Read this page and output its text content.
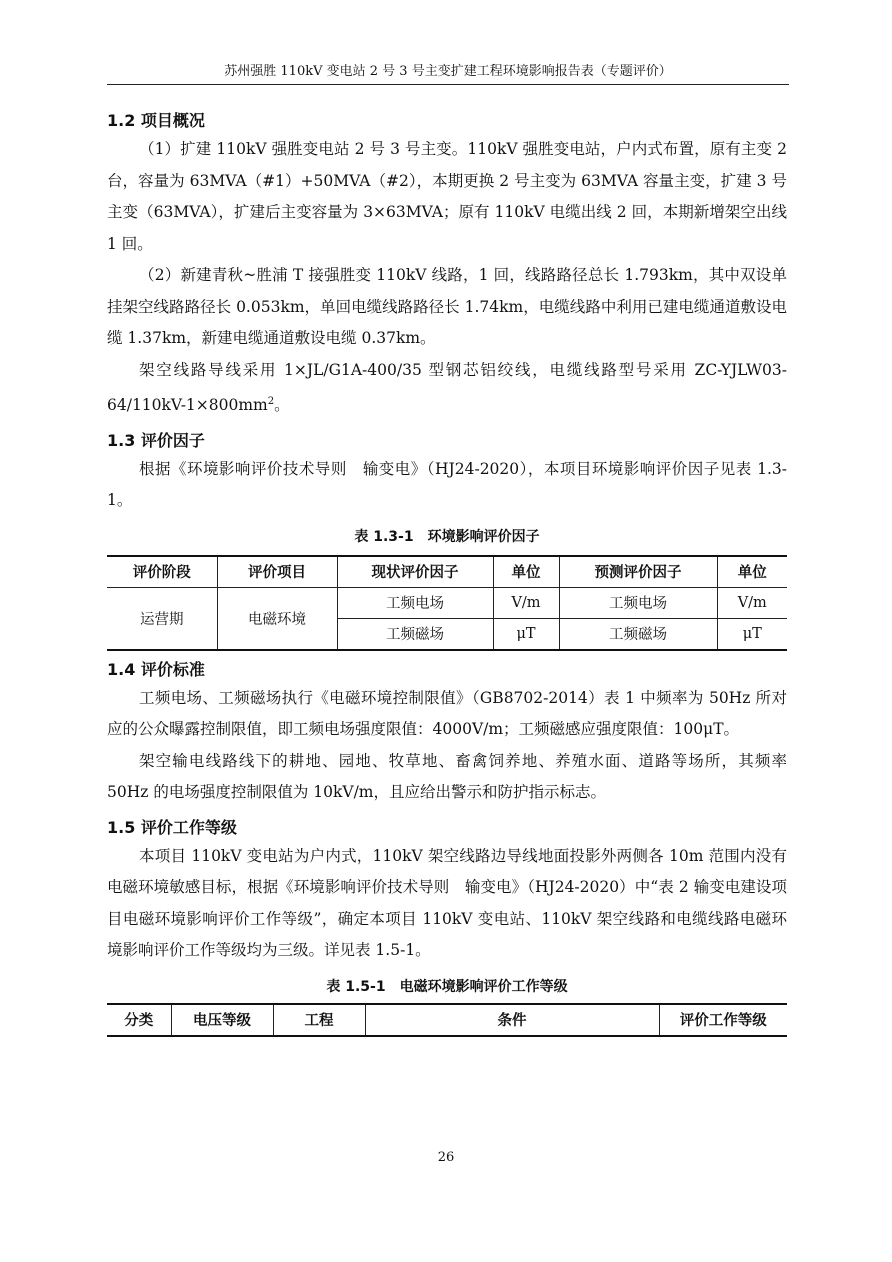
苏州强胜 110kV 变电站 2 号 3 号主变扩建工程环境影响报告表（专题评价）
1.2 项目概况

（1）扩建 110kV 强胜变电站 2 号 3 号主变。110kV 强胜变电站，户内式布置，原有主变 2 台，容量为 63MVA（#1）+50MVA（#2），本期更换 2 号主变为 63MVA 容量主变，扩建 3 号主变（63MVA），扩建后主变容量为 3×63MVA；原有 110kV 电缆出线 2 回，本期新增架空出线 1 回。

（2）新建青秋~胜浦 T 接强胜变 110kV 线路，1 回，线路路径总长 1.793km，其中双设单挂架空线路路径长 0.053km，单回电缆线路路径长 1.74km，电缆线路中利用已建电缆通道敷设电缆 1.37km，新建电缆通道敷设电缆 0.37km。

架空线路导线采用 1×JL/G1A-400/35 型钢芯铝绞线，电缆线路型号采用 $ZC-YJLW03-64/110kV-1\times 800mm^2$。

1.3 评价因子

根据《环境影响评价技术导则　输变电》（HJ24-2020），本项目环境影响评价因子见表 1.3-1。

表 1.3-1　环境影响评价因子
评价阶段	评价项目	现状评价因子	单位	预测评价因子	单位
运营期	电磁环境	工频电场	V/m	工频电场	V/m
		工频磁场	μT	工频磁场	μT
1.4 评价标准

工频电场、工频磁场执行《电磁环境控制限值》（GB8702-2014）表 1 中频率为 50Hz 所对应的公众曝露控制限值，即工频电场强度限值：4000V/m；工频磁感应强度限值：100μT。

架空输电线路线下的耕地、园地、牧草地、畜禽饲养地、养殖水面、道路等场所，其频率 50Hz 的电场强度控制限值为 10kV/m，且应给出警示和防护指示标志。

1.5 评价工作等级

本项目 110kV 变电站为户内式，110kV 架空线路边导线地面投影外两侧各 10m 范围内没有电磁环境敏感目标，根据《环境影响评价技术导则　输变电》（HJ24-2020）中“表 2 输变电建设项目电磁环境影响评价工作等级”，确定本项目 110kV 变电站、110kV 架空线路和电缆线路电磁环境影响评价工作等级均为三级。详见表 1.5-1。

表 1.5-1　电磁环境影响评价工作等级
分类	电压等级	工程	条件	评价工作等级
26
